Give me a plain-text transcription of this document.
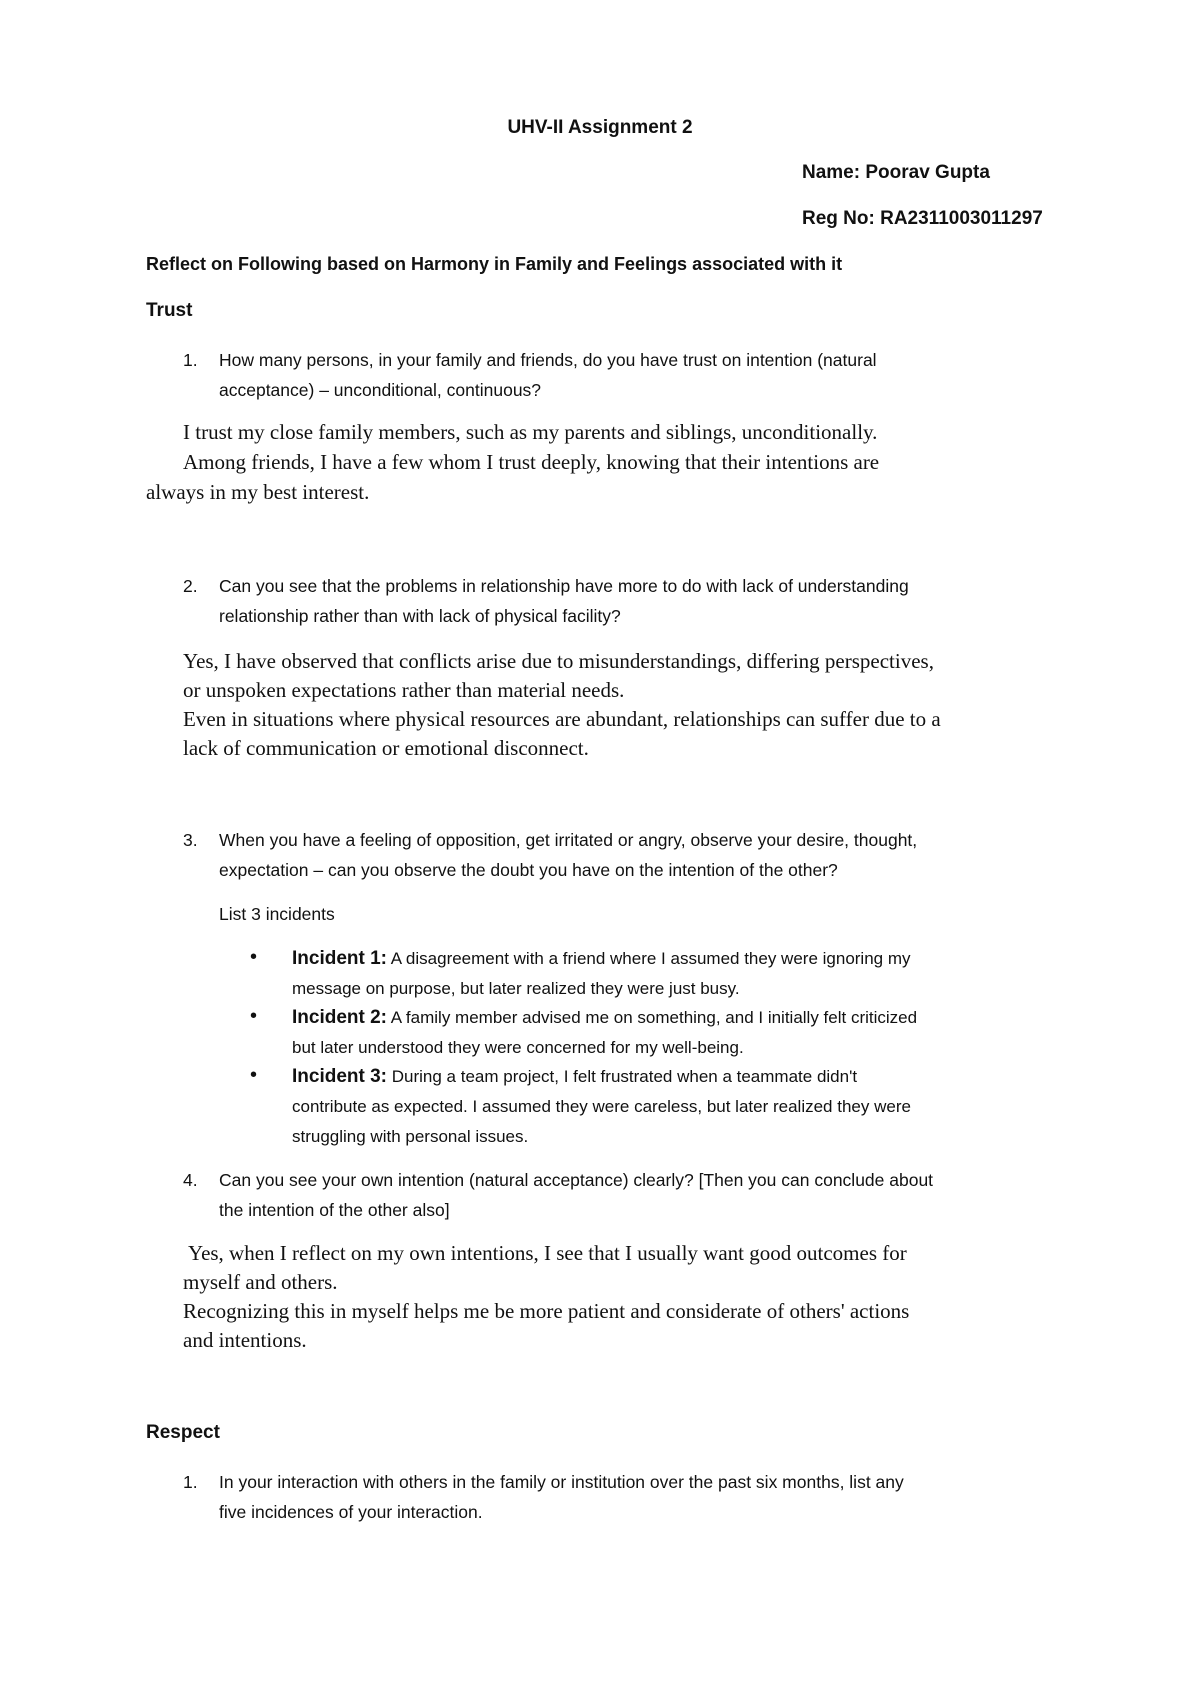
UHV-II Assignment 2
Name: Poorav Gupta
Reg No: RA2311003011297
Reflect on Following based on Harmony in Family and Feelings associated with it
Trust
1. How many persons, in your family and friends, do you have trust on intention (natural
acceptance) – unconditional, continuous?
I trust my close family members, such as my parents and siblings, unconditionally.
Among friends, I have a few whom I trust deeply, knowing that their intentions are
always in my best interest.
2. Can you see that the problems in relationship have more to do with lack of understanding
relationship rather than with lack of physical facility?
Yes, I have observed that conflicts arise due to misunderstandings, differing perspectives,
or unspoken expectations rather than material needs.
Even in situations where physical resources are abundant, relationships can suffer due to a
lack of communication or emotional disconnect.
3. When you have a feeling of opposition, get irritated or angry, observe your desire, thought,
expectation – can you observe the doubt you have on the intention of the other?
List 3 incidents
• Incident 1: A disagreement with a friend where I assumed they were ignoring my
message on purpose, but later realized they were just busy.
• Incident 2: A family member advised me on something, and I initially felt criticized
but later understood they were concerned for my well-being.
• Incident 3: During a team project, I felt frustrated when a teammate didn't
contribute as expected. I assumed they were careless, but later realized they were
struggling with personal issues.
4. Can you see your own intention (natural acceptance) clearly? [Then you can conclude about
the intention of the other also]
Yes, when I reflect on my own intentions, I see that I usually want good outcomes for
myself and others.
Recognizing this in myself helps me be more patient and considerate of others' actions
and intentions.
Respect
1. In your interaction with others in the family or institution over the past six months, list any
five incidences of your interaction.
